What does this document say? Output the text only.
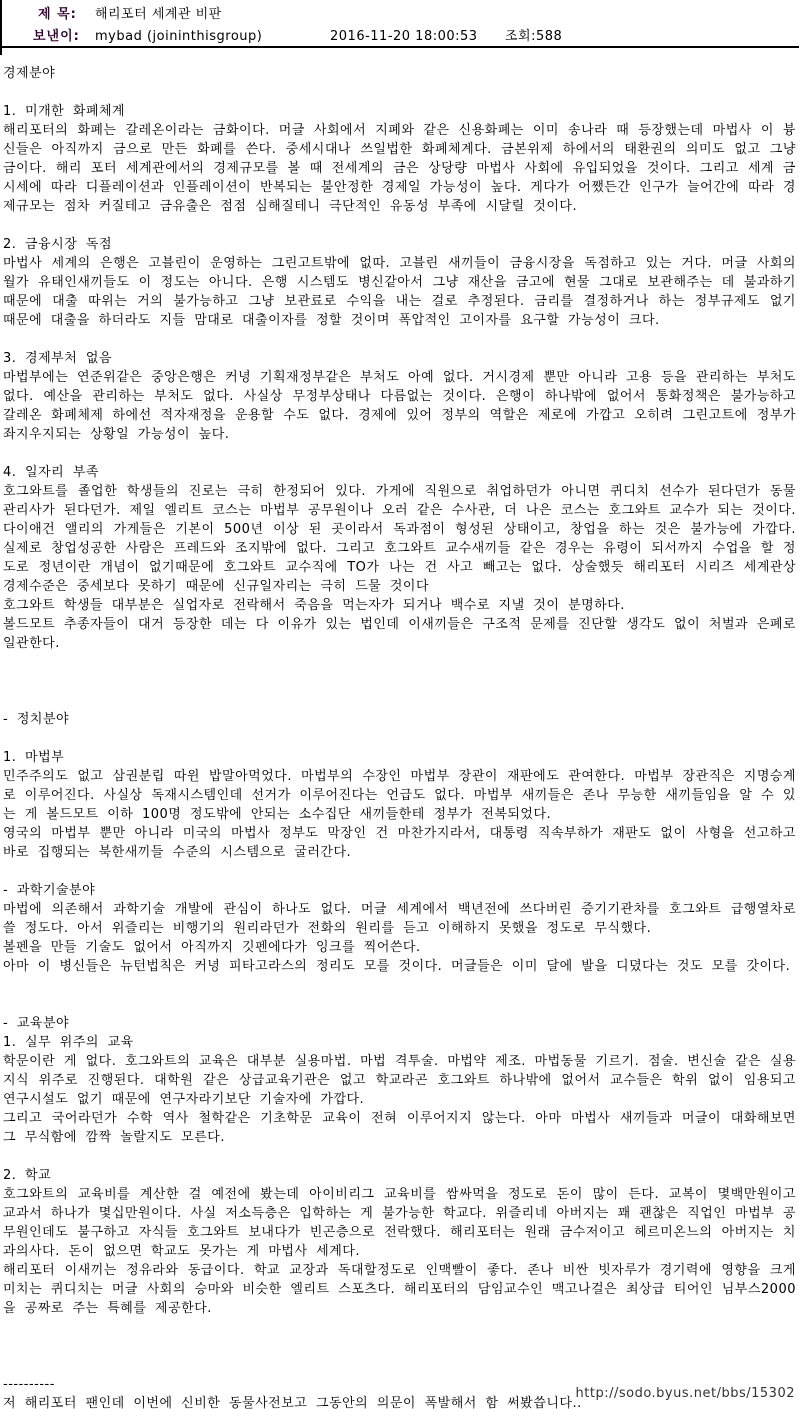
제 목: 해리포터 세계관 비판
보낸이: mybad (joininthisgroup)	2016-11-20 18:00:53 조회:588
경제분야
1. 미개한 화폐체계
해리포터의 화폐는 갈레온이라는 금화이다. 머글 사회에서 지폐와 같은 신용화폐는 이미 송나라 때 등장했는데 마법사 이 븅신들은 아직까지 금으로 만든 화폐를 쓴다. 중세시대나 쓰일법한 화폐체계다. 금본위제 하에서의 태환권의 의미도 없고 그냥 금이다. 해리 포터 세계관에서의 경제규모를 볼 때 전세계의 금은 상당량 마법사 사회에 유입되었을 것이다. 그리고 세계 금 시세에 따라 디플레이션과 인플레이션이 반복되는 불안정한 경제일 가능성이 높다. 게다가 어쨌든간 인구가 늘어간에 따라 경제규모는 점차 커질테고 금유출은 점점 심해질테니 극단적인 유동성 부족에 시달릴 것이다.
2. 금융시장 독점
마법사 세계의 은행은 고블린이 운영하는 그린고트밖에 없따. 고블린 새끼들이 금융시장을 독점하고 있는 거다. 머글 사회의 월가 유태인새끼들도 이 정도는 아니다. 은행 시스템도 병신같아서 그냥 재산을 금고에 현물 그대로 보관해주는 데 불과하기 때문에 대출 따위는 거의 불가능하고 그냥 보관료로 수익을 내는 걸로 추정된다. 금리를 결정하거나 하는 정부규제도 없기 때문에 대출을 하더라도 지들 맘대로 대출이자를 정할 것이며 폭압적인 고이자를 요구할 가능성이 크다.
3. 경제부처 없음
마법부에는 연준위같은 중앙은행은 커녕 기획재정부같은 부처도 아예 없다. 거시경제 뿐만 아니라 고용 등을 관리하는 부처도 없다. 예산을 관리하는 부처도 없다. 사실상 무정부상태나 다름없는 것이다. 은행이 하나밖에 없어서 통화정책은 불가능하고 갈레온 화폐체제 하에선 적자재정을 운용할 수도 없다. 경제에 있어 정부의 역할은 제로에 가깝고 오히려 그린고트에 정부가 좌지우지되는 상황일 가능성이 높다.
4. 일자리 부족
호그와트를 졸업한 학생들의 진로는 극히 한정되어 있다. 가게에 직원으로 취업하던가 아니면 퀴디치 선수가 된다던가 동물 관리사가 된다던가. 제일 엘리트 코스는 마법부 공무원이나 오러 같은 수사관, 더 나은 코스는 호그와트 교수가 되는 것이다. 다이애건 앨리의 가게들은 기본이 500년 이상 된 곳이라서 독과점이 형성된 상태이고, 창업을 하는 것은 불가능에 가깝다. 실제로 창업성공한 사람은 프레드와 조지밖에 없다. 그리고 호그와트 교수새끼들 같은 경우는 유령이 되서까지 수업을 할 정도로 정년이란 개념이 없기때문에 호그와트 교수직에 TO가 나는 건 사고 빼고는 없다. 상술했듯 해리포터 시리즈 세계관상 경제수준은 중세보다 못하기 때문에 신규일자리는 극히 드물 것이다
호그와트 학생들 대부분은 실업자로 전락해서 죽음을 먹는자가 되거나 백수로 지낼 것이 분명하다.
볼드모트 추종자들이 대거 등장한 데는 다 이유가 있는 법인데 이새끼들은 구조적 문제를 진단할 생각도 없이 처벌과 은폐로 일관한다.
- 정치분야
1. 마법부
민주주의도 없고 삼권분립 따윈 밥말아먹었다. 마법부의 수장인 마법부 장관이 재판에도 관여한다. 마법부 장관직은 지명승계로 이루어진다. 사실상 독재시스템인데 선거가 이루어진다는 언급도 없다. 마법부 새끼들은 존나 무능한 새끼들임을 알 수 있는 게 볼드모트 이하 100명 정도밖에 안되는 소수집단 새끼들한테 정부가 전복되었다.
영국의 마법부 뿐만 아니라 미국의 마법사 정부도 막장인 건 마찬가지라서, 대통령 직속부하가 재판도 없이 사형을 선고하고 바로 집행되는 북한새끼들 수준의 시스템으로 굴러간다.
- 과학기술분야
마법에 의존해서 과학기술 개발에 관심이 하나도 없다. 머글 세계에서 백년전에 쓰다버린 증기기관차를 호그와트 급행열차로 쓸 정도다. 아서 위즐리는 비행기의 원리라던가 전화의 원리를 듣고 이해하지 못했을 정도로 무식했다.
볼펜을 만들 기술도 없어서 아직까지 깃펜에다가 잉크를 찍어쓴다.
아마 이 병신들은 뉴턴법칙은 커녕 피타고라스의 정리도 모를 것이다. 머글들은 이미 달에 발을 디뎠다는 것도 모를 갓이다.
- 교육분야
1. 실무 위주의 교육
학문이란 게 없다. 호그와트의 교육은 대부분 실용마법. 마법 격투술. 마법약 제조. 마법동물 기르기. 점술. 변신술 같은 실용지식 위주로 진행된다. 대학원 같은 상급교육기관은 없고 학교라곤 호그와트 하나밖에 없어서 교수들은 학위 없이 임용되고 연구시설도 없기 때문에 연구자라기보단 기술자에 가깝다.
그리고 국어라던가 수학 역사 철학같은 기초학문 교육이 전혀 이루어지지 않는다. 아마 마법사 새끼들과 머글이 대화해보면 그 무식함에 깜짝 놀랄지도 모른다.
2. 학교
호그와트의 교육비를 계산한 걸 예전에 봤는데 아이비리그 교육비를 쌈싸먹을 정도로 돈이 많이 든다. 교복이 몇백만원이고 교과서 하나가 몇십만원이다. 사실 저소득층은 입학하는 게 불가능한 학교다. 위즐리네 아버지는 꽤 괜찮은 직업인 마법부 공무원인데도 불구하고 자식들 호그와트 보내다가 빈곤층으로 전락했다. 해리포터는 원래 금수저이고 헤르미온느의 아버지는 치과의사다. 돈이 없으면 학교도 못가는 게 마법사 세계다.
해리포터 이새끼는 정유라와 동급이다. 학교 교장과 독대할정도로 인맥빨이 좋다. 존나 비싼 빗자루가 경기력에 영향을 크게 미치는 퀴디치는 머글 사회의 승마와 비슷한 엘리트 스포츠다. 해리포터의 담임교수인 맥고나걸은 최상급 티어인 님부스2000을 공짜로 주는 특혜를 제공한다.
----------
저 해리포터 팬인데 이번에 신비한 동물사전보고 그동안의 의문이 폭발해서 함 써봤씁니다..
http://sodo.byus.net/bbs/15302
